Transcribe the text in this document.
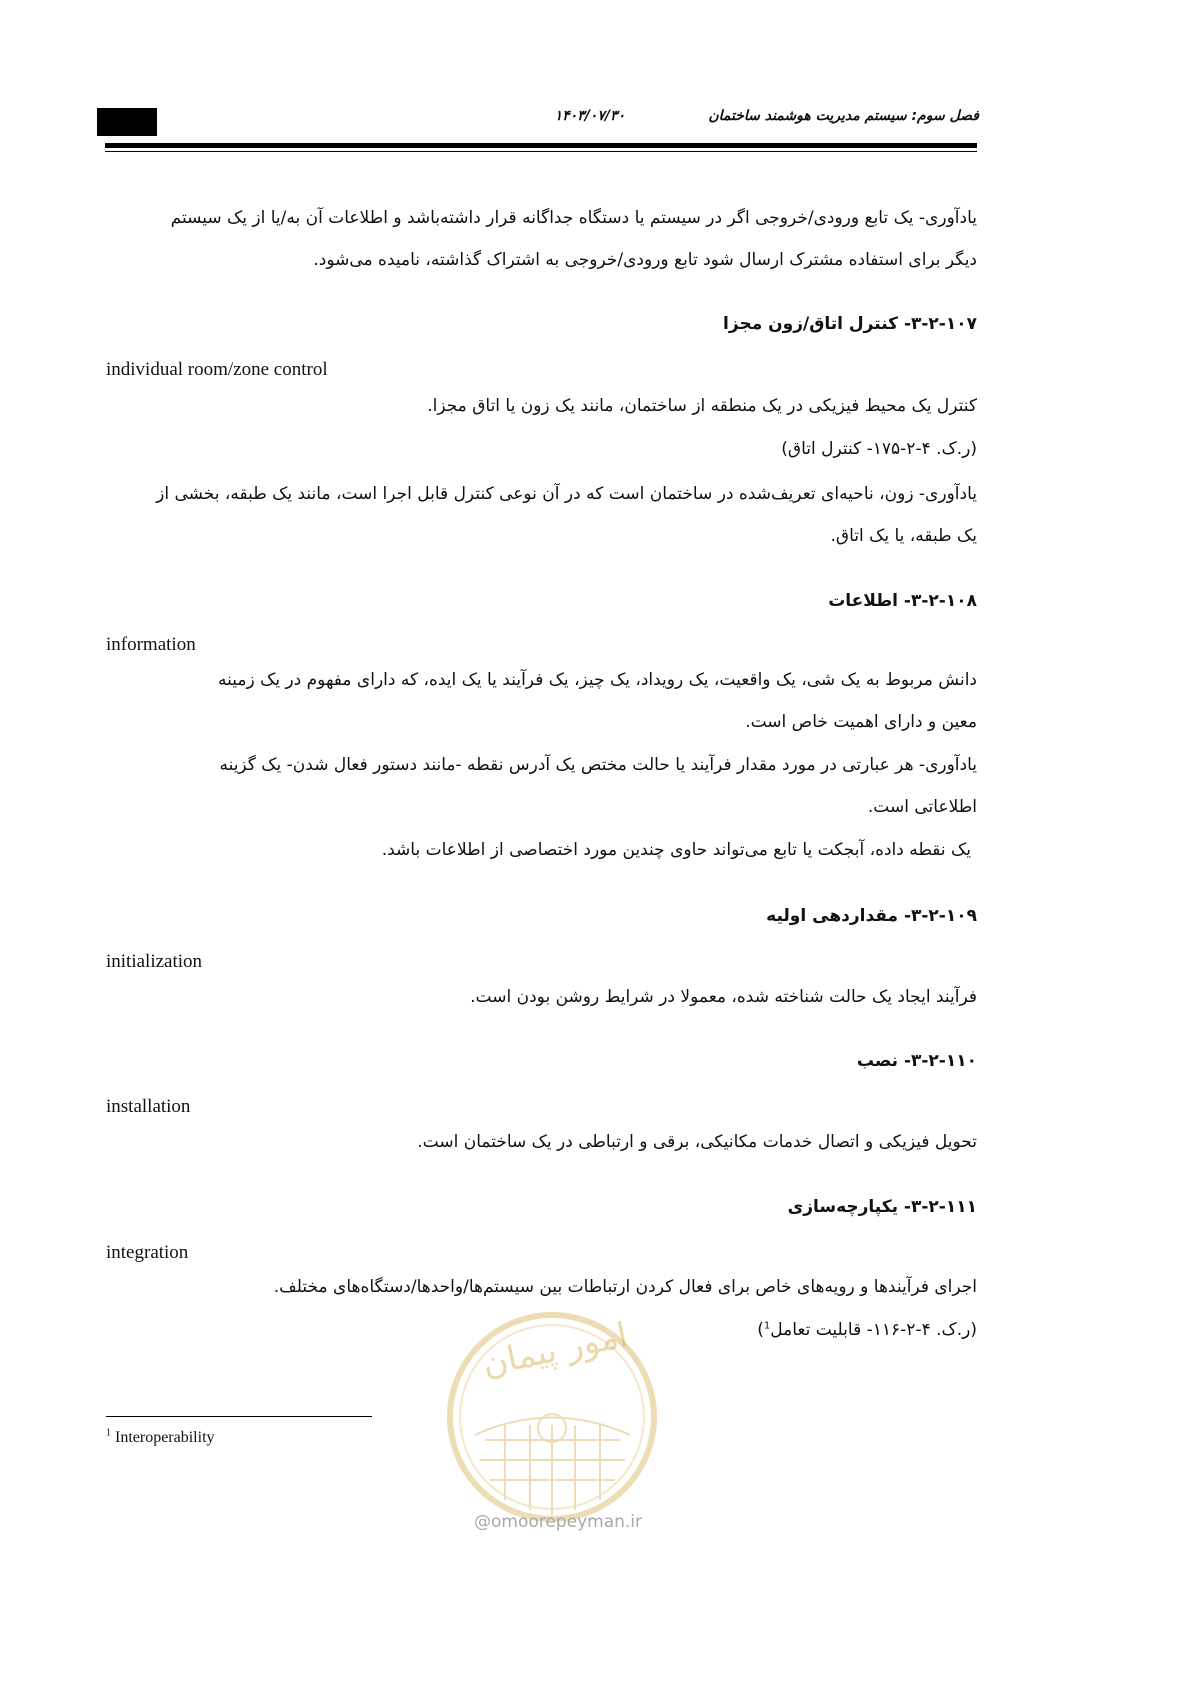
فصل سوم: سیستم مدیریت هوشمند ساختمان
۱۴۰۳/۰۷/۳۰
یادآوری- یک تابع ورودی/خروجی اگر در سیستم یا دستگاه جداگانه قرار داشته‌باشد و اطلاعات آن به/یا از یک سیستم
دیگر برای استفاده مشترک ارسال شود تابع ورودی/خروجی به اشتراک گذاشته، نامیده می‌شود.
۳-۲-۱۰۷- کنترل اتاق/زون مجزا
individual room/zone control
کنترل یک محیط فیزیکی در یک منطقه از ساختمان، مانند یک زون یا اتاق مجزا.
(ر.ک. ۴-۲-۱۷۵- کنترل اتاق)
یادآوری- زون، ناحیه‌ای تعریف‌شده در ساختمان است که در آن نوعی کنترل قابل اجرا است، مانند یک طبقه، بخشی از
یک طبقه، یا یک اتاق.
۳-۲-۱۰۸- اطلاعات
information
دانش مربوط به یک شی، یک واقعیت، یک رویداد، یک چیز، یک فرآیند یا یک ایده، که دارای مفهوم در یک زمینه
معین و دارای اهمیت خاص است.
یادآوری- هر عبارتی در مورد مقدار فرآیند یا حالت مختص یک آدرس نقطه -مانند دستور فعال شدن- یک گزینه
اطلاعاتی است.
یک نقطه داده، آبجکت یا تابع می‌تواند حاوی چندین مورد اختصاصی از اطلاعات باشد.
۳-۲-۱۰۹- مقداردهی اولیه
initialization
فرآیند ایجاد یک حالت شناخته شده، معمولا در شرایط روشن بودن است.
۳-۲-۱۱۰- نصب
installation
تحویل فیزیکی و اتصال خدمات مکانیکی، برقی و ارتباطی در یک ساختمان است.
۳-۲-۱۱۱- یکپارچه‌سازی
integration
اجرای فرآیندها و رویه‌های خاص برای فعال کردن ارتباطات بین سیستم‌ها/واحدها/دستگاه‌های مختلف.
(ر.ک. ۴-۲-۱۱۶- قابلیت تعامل$^1$)
امور پیمان
@omoorepeyman.ir
$^1$ Interoperability
